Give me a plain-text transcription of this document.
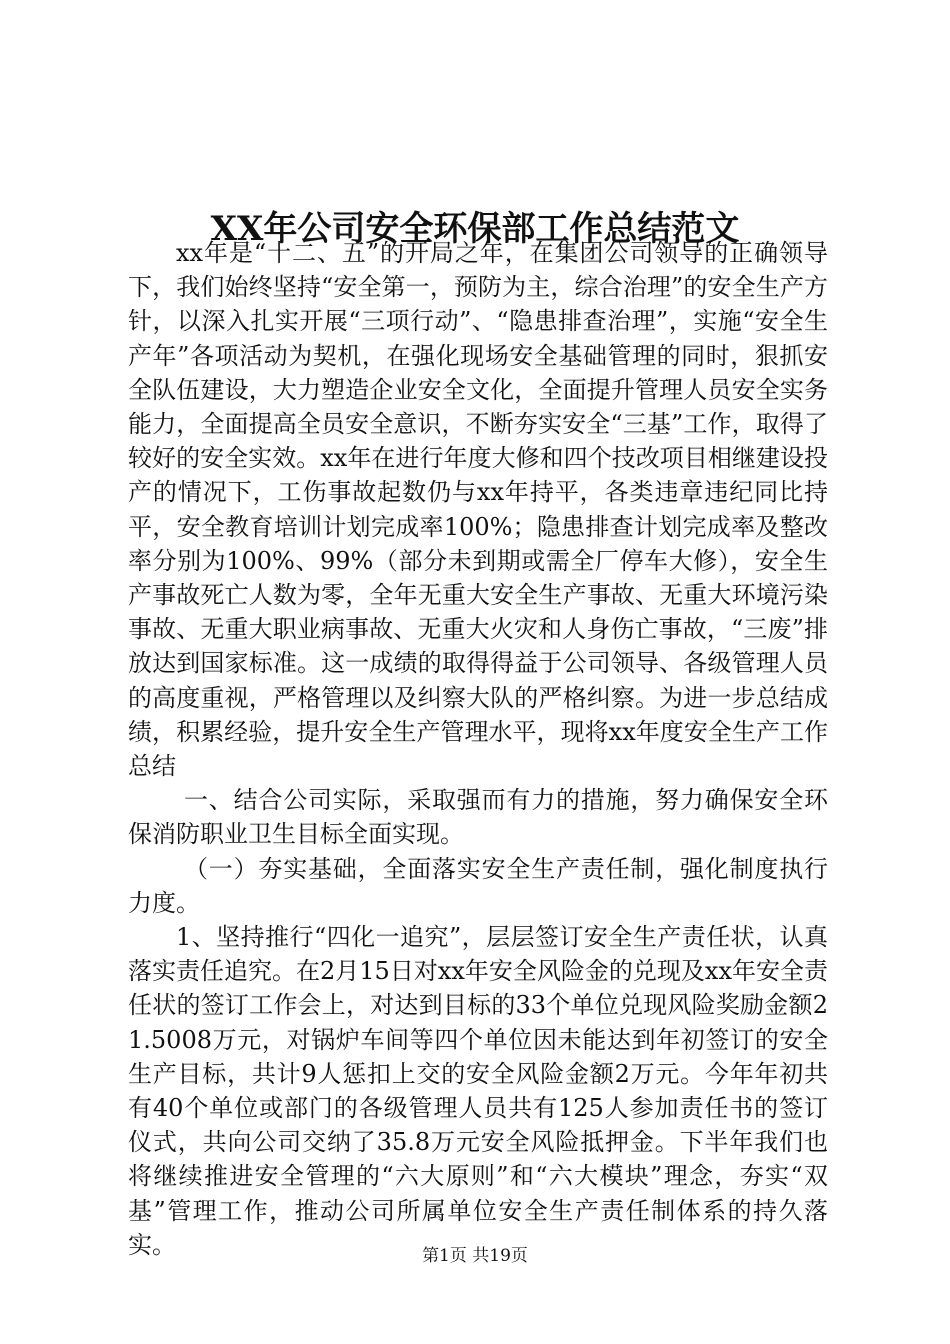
XX年公司安全环保部工作总结范文

xx年是“十二、五”的开局之年，在集团公司领导的正确领导下，我们始终坚持“安全第一，预防为主，综合治理”的安全生产方针，以深入扎实开展“三项行动”、“隐患排查治理”，实施“安全生产年”各项活动为契机，在强化现场安全基础管理的同时，狠抓安全队伍建设，大力塑造企业安全文化，全面提升管理人员安全实务能力，全面提高全员安全意识，不断夯实安全“三基”工作，取得了较好的安全实效。xx年在进行年度大修和四个技改项目相继建设投产的情况下，工伤事故起数仍与xx年持平，各类违章违纪同比持平，安全教育培训计划完成率100%；隐患排查计划完成率及整改率分别为100%、99%（部分未到期或需全厂停车大修），安全生产事故死亡人数为零，全年无重大安全生产事故、无重大环境污染事故、无重大职业病事故、无重大火灾和人身伤亡事故，“三废”排放达到国家标准。这一成绩的取得得益于公司领导、各级管理人员的高度重视，严格管理以及纠察大队的严格纠察。为进一步总结成绩，积累经验，提升安全生产管理水平，现将xx年度安全生产工作总结

一、结合公司实际，采取强而有力的措施，努力确保安全环保消防职业卫生目标全面实现。

（一）夯实基础，全面落实安全生产责任制，强化制度执行力度。

1、坚持推行“四化一追究”，层层签订安全生产责任状，认真落实责任追究。在2月15日对xx年安全风险金的兑现及xx年安全责任状的签订工作会上，对达到目标的33个单位兑现风险奖励金额21.5008万元，对锅炉车间等四个单位因未能达到年初签订的安全生产目标，共计9人惩扣上交的安全风险金额2万元。今年年初共有40个单位或部门的各级管理人员共有125人参加责任书的签订仪式，共向公司交纳了35.8万元安全风险抵押金。下半年我们也将继续推进安全管理的“六大原则”和“六大模块”理念，夯实“双基”管理工作，推动公司所属单位安全生产责任制体系的持久落实。	第1页 共19页
